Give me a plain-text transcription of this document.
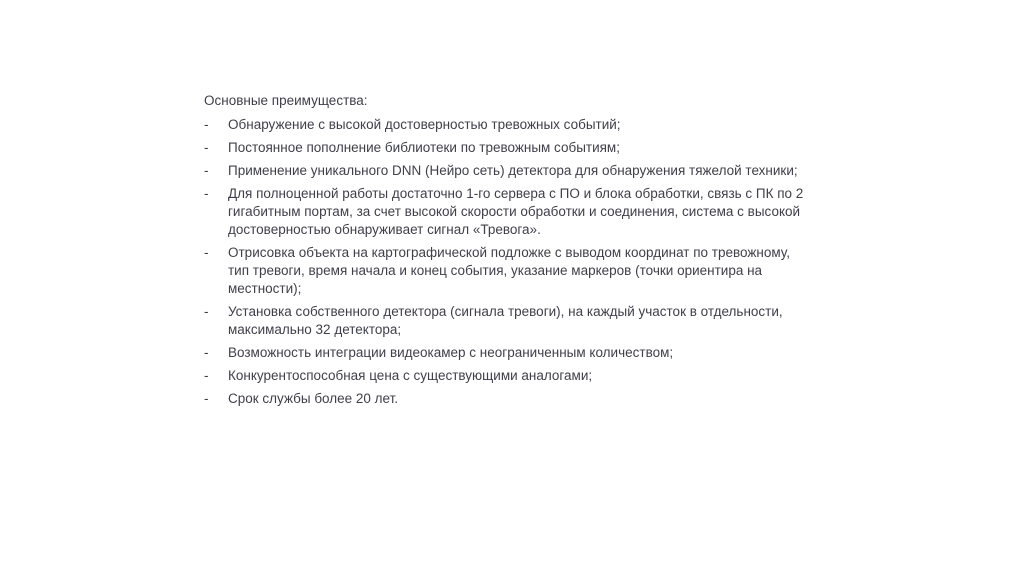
Основные преимущества:
-	Обнаружение с высокой достоверностью тревожных событий;
-	Постоянное пополнение библиотеки по тревожным событиям;
-	Применение уникального DNN (Нейро сеть) детектора для обнаружения тяжелой техники;
-	Для полноценной работы достаточно 1-го сервера с ПО и блока обработки, связь с ПК по 2 гигабитным портам, за счет высокой скорости обработки и соединения, система с высокой достоверностью обнаруживает сигнал «Тревога».
-	Отрисовка объекта на картографической подложке с выводом координат по тревожному, тип тревоги, время начала и конец события, указание маркеров (точки ориентира на местности);
-	Установка собственного детектора (сигнала тревоги), на каждый участок в отдельности, максимально 32 детектора;
-	Возможность интеграции видеокамер с неограниченным количеством;
-	Конкурентоспособная цена с существующими аналогами;
-	Срок службы более 20 лет.
